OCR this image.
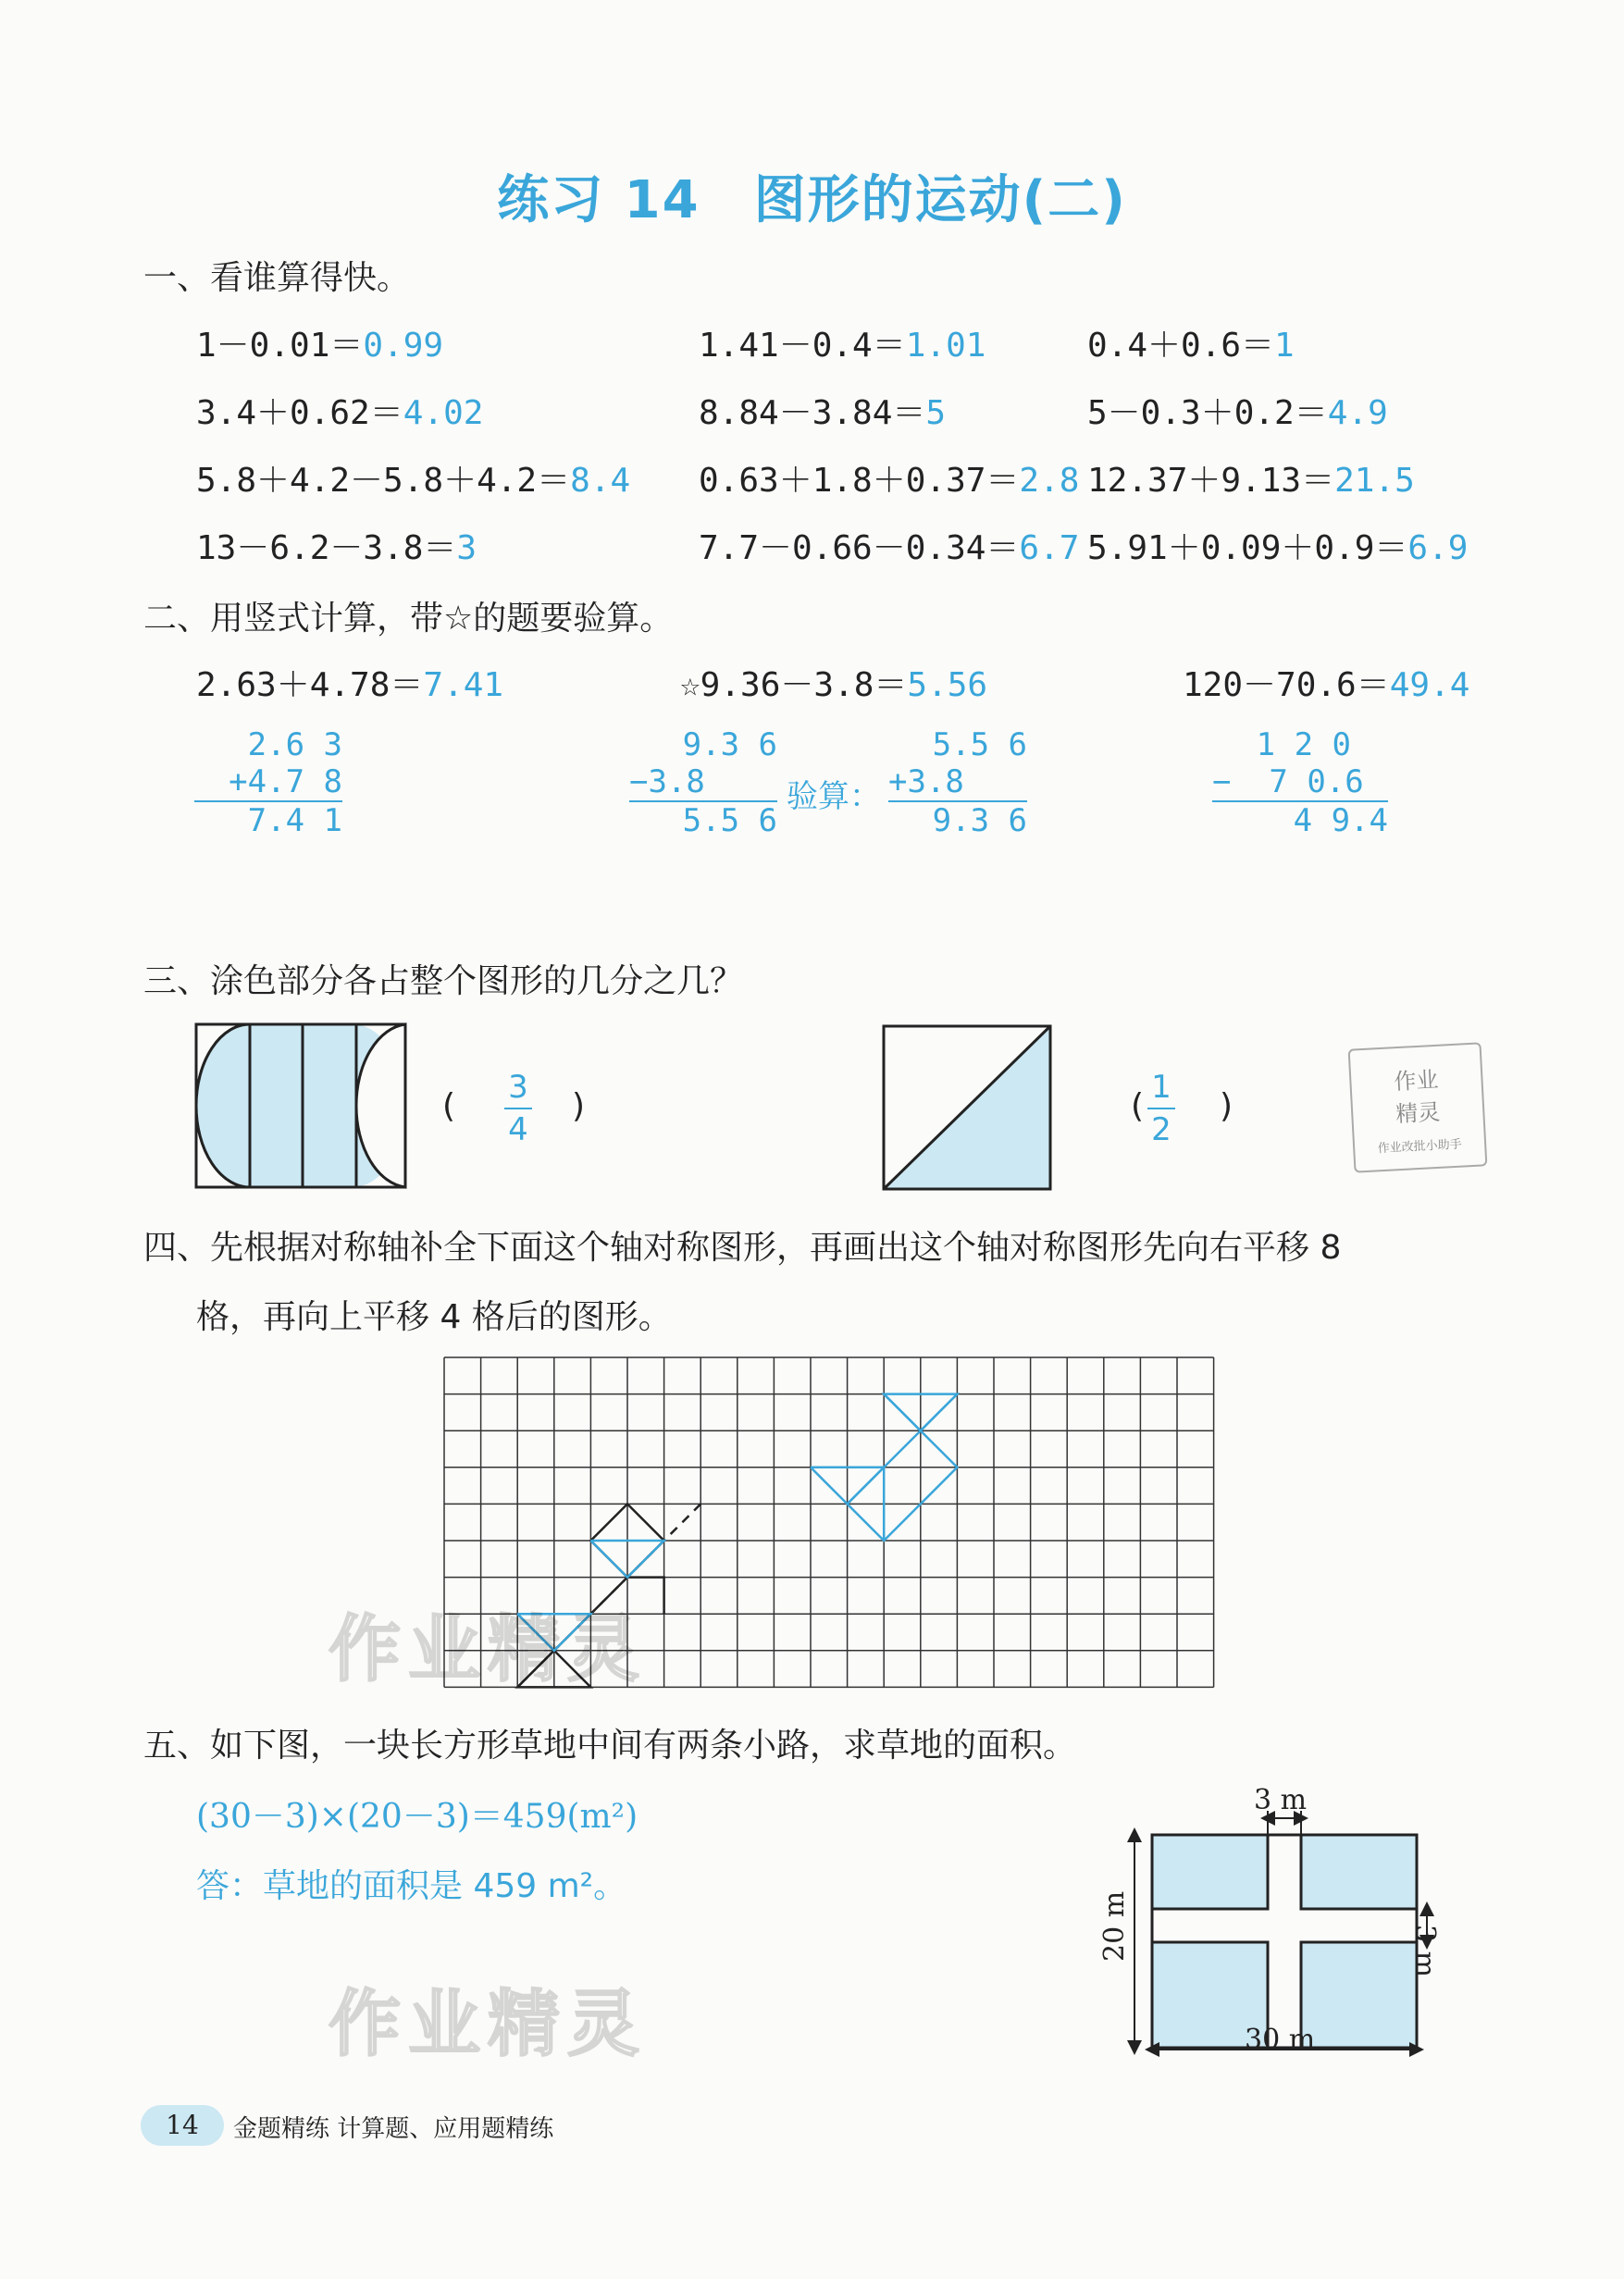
练习 14　图形的运动(二)
一、看谁算得快。
1－0.01＝0.99	1.41－0.4＝1.01	0.4＋0.6＝1
3.4＋0.62＝4.02	8.84－3.84＝5	5－0.3＋0.2＝4.9
5.8＋4.2－5.8＋4.2＝8.4 0.63＋1.8＋0.37＝2.8 12.37＋9.13＝21.5
13－6.2－3.8＝3	7.7－0.66－0.34＝6.7 5.91＋0.09＋0.9＝6.9
二、用竖式计算，带☆的题要验算。
2.63＋4.78＝7.41	☆9.36－3.8＝5.56	120－70.6＝49.4
2.6 3
+4.7 8
7.4 1
9.3 6
−3.8
5.5 6
验算：
5.5 6
+3.8
9.3 6
1 2 0
−  7 0.6
4 9.4
三、涂色部分各占整个图形的几分之几？
( 3
4
)	( 1
2
)
作业
精灵
作业改批小助手
四、先根据对称轴补全下面这个轴对称图形，再画出这个轴对称图形先向右平移 8
格，再向上平移 4 格后的图形。
五、如下图，一块长方形草地中间有两条小路，求草地的面积。
(30－3)×(20－3)＝459(m²)
答：草地的面积是 459 m²。
3 m
3 m
20 m
30 m
作业精灵
作业精灵
14	金题精练 计算题、应用题精练
